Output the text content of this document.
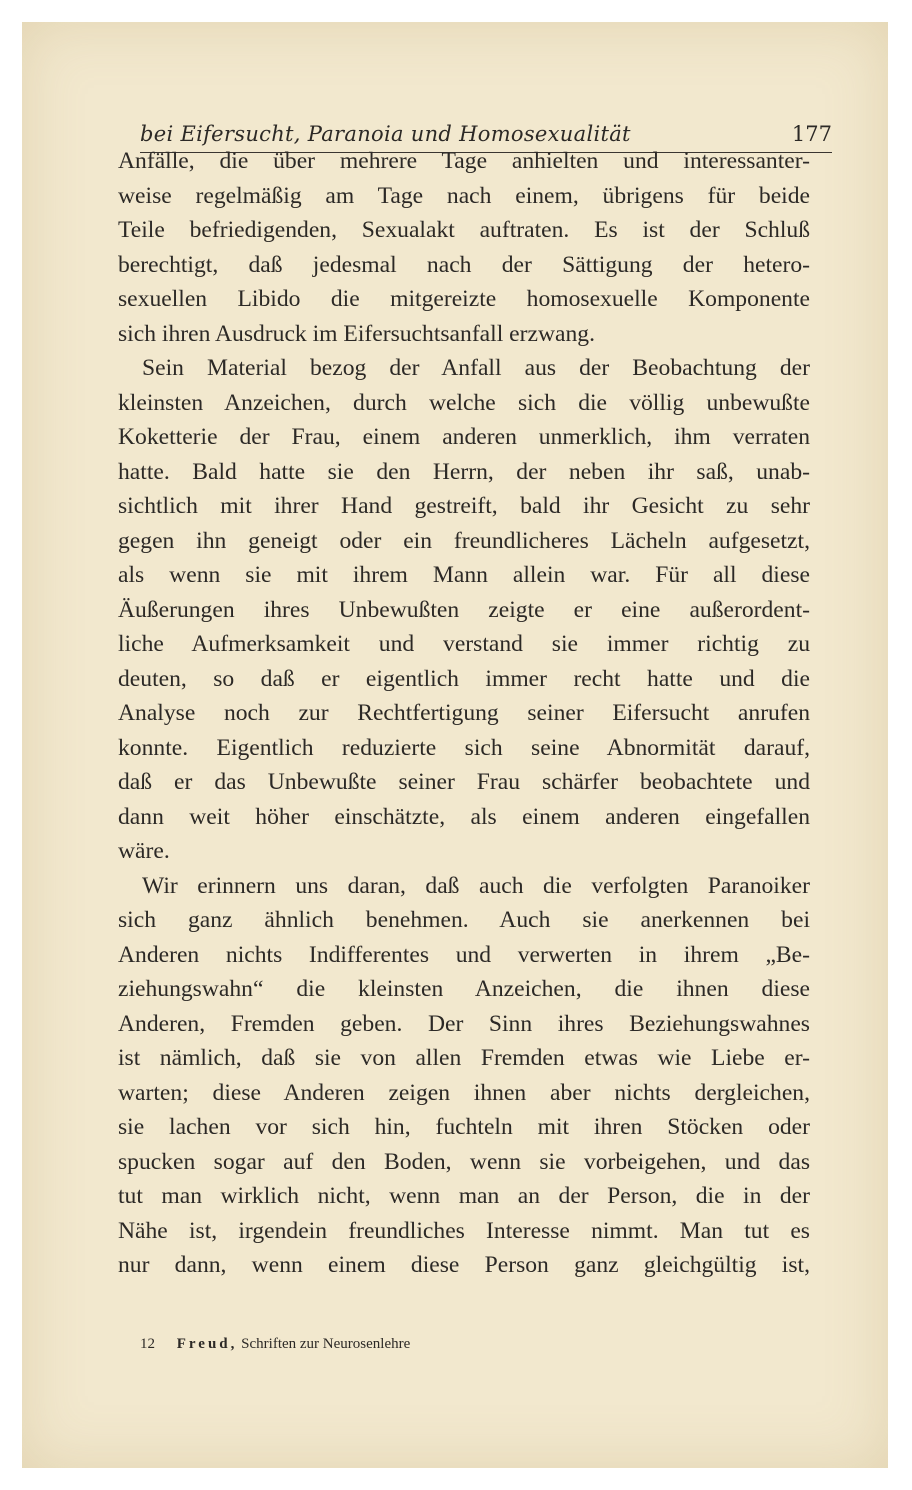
bei Eifersucht, Paranoia und Homosexualität	177
Anfälle, die über mehrere Tage anhielten und interessanter-
weise regelmäßig am Tage nach einem, übrigens für beide
Teile befriedigenden, Sexualakt auftraten. Es ist der Schluß
berechtigt, daß jedesmal nach der Sättigung der hetero-
sexuellen Libido die mitgereizte homosexuelle Komponente
sich ihren Ausdruck im Eifersuchtsanfall erzwang.
Sein Material bezog der Anfall aus der Beobachtung der
kleinsten Anzeichen, durch welche sich die völlig unbewußte
Koketterie der Frau, einem anderen unmerklich, ihm verraten
hatte. Bald hatte sie den Herrn, der neben ihr saß, unab-
sichtlich mit ihrer Hand gestreift, bald ihr Gesicht zu sehr
gegen ihn geneigt oder ein freundlicheres Lächeln aufgesetzt,
als wenn sie mit ihrem Mann allein war. Für all diese
Äußerungen ihres Unbewußten zeigte er eine außerordent-
liche Aufmerksamkeit und verstand sie immer richtig zu
deuten, so daß er eigentlich immer recht hatte und die
Analyse noch zur Rechtfertigung seiner Eifersucht anrufen
konnte. Eigentlich reduzierte sich seine Abnormität darauf,
daß er das Unbewußte seiner Frau schärfer beobachtete und
dann weit höher einschätzte, als einem anderen eingefallen
wäre.
Wir erinnern uns daran, daß auch die verfolgten Paranoiker
sich ganz ähnlich benehmen. Auch sie anerkennen bei
Anderen nichts Indifferentes und verwerten in ihrem „Be-
ziehungswahn“ die kleinsten Anzeichen, die ihnen diese
Anderen, Fremden geben. Der Sinn ihres Beziehungswahnes
ist nämlich, daß sie von allen Fremden etwas wie Liebe er-
warten; diese Anderen zeigen ihnen aber nichts dergleichen,
sie lachen vor sich hin, fuchteln mit ihren Stöcken oder
spucken sogar auf den Boden, wenn sie vorbeigehen, und das
tut man wirklich nicht, wenn man an der Person, die in der
Nähe ist, irgendein freundliches Interesse nimmt. Man tut es
nur dann, wenn einem diese Person ganz gleichgültig ist,
12 Freud, Schriften zur Neurosenlehre
